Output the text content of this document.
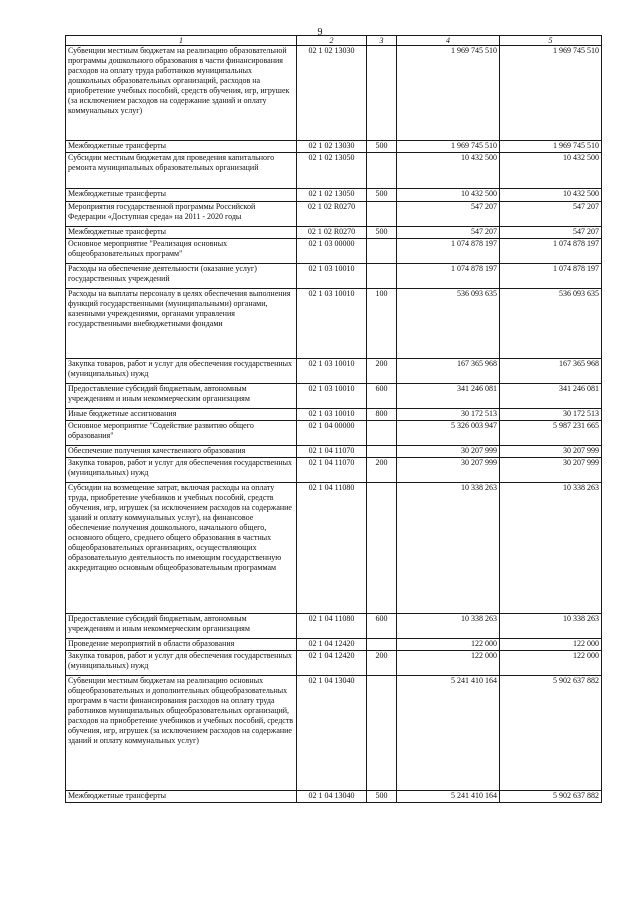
9
1	2	3	4	5
Субвенции местным бюджетам на реализацию образовательной программы дошкольного образования в части финансирования расходов на оплату труда работников муниципальных дошкольных образовательных организаций, расходов на приобретение учебных пособий, средств обучения, игр, игрушек (за исключением расходов на содержание зданий и оплату коммунальных услуг)	02 1 02 13030		1 969 745 510	1 969 745 510
Межбюджетные трансферты	02 1 02 13030	500	1 969 745 510	1 969 745 510
Субсидии местным бюджетам для проведения капитального ремонта муниципальных образовательных организаций	02 1 02 13050		10 432 500	10 432 500
Межбюджетные трансферты	02 1 02 13050	500	10 432 500	10 432 500
Мероприятия государственной программы Российской Федерации «Доступная среда» на 2011 - 2020 годы	02 1 02 R0270		547 207	547 207
Межбюджетные трансферты	02 1 02 R0270	500	547 207	547 207
Основное мероприятие "Реализация основных общеобразовательных программ"	02 1 03 00000		1 074 878 197	1 074 878 197
Расходы на обеспечение деятельности (оказание услуг) государственных учреждений	02 1 03 10010		1 074 878 197	1 074 878 197
Расходы на выплаты персоналу в целях обеспечения выполнения функций государственными (муниципальными) органами, казенными учреждениями, органами управления государственными внебюджетными фондами	02 1 03 10010	100	536 093 635	536 093 635
Закупка товаров, работ и услуг для обеспечения государственных (муниципальных) нужд	02 1 03 10010	200	167 365 968	167 365 968
Предоставление субсидий бюджетным, автономным учреждениям и иным некоммерческим организациям	02 1 03 10010	600	341 246 081	341 246 081
Иные бюджетные ассигнования	02 1 03 10010	800	30 172 513	30 172 513
Основное мероприятие "Содействие развитию общего образования"	02 1 04 00000		5 326 003 947	5 987 231 665
Обеспечение получения качественного образования	02 1 04 11070		30 207 999	30 207 999
Закупка товаров, работ и услуг для обеспечения государственных (муниципальных) нужд	02 1 04 11070	200	30 207 999	30 207 999
Субсидии на возмещение затрат, включая расходы на оплату труда, приобретение учебников и учебных пособий, средств обучения, игр, игрушек (за исключением расходов на содержание зданий и оплату коммунальных услуг), на финансовое обеспечение получения дошкольного, начального общего, основного общего, среднего общего образования в частных общеобразовательных организациях, осуществляющих образовательную деятельность по имеющим государственную аккредитацию основным общеобразовательным программам	02 1 04 11080		10 338 263	10 338 263
Предоставление субсидий бюджетным, автономным учреждениям и иным некоммерческим организациям	02 1 04 11080	600	10 338 263	10 338 263
Проведение мероприятий в области образования	02 1 04 12420		122 000	122 000
Закупка товаров, работ и услуг для обеспечения государственных (муниципальных) нужд	02 1 04 12420	200	122 000	122 000
Субвенции местным бюджетам на реализацию основных общеобразовательных и дополнительных общеобразовательных программ в части финансирования расходов на оплату труда работников муниципальных общеобразовательных организаций, расходов на приобретение учебников и учебных пособий, средств обучения, игр, игрушек (за исключением расходов на содержание зданий и оплату коммунальных услуг)	02 1 04 13040		5 241 410 164	5 902 637 882
Межбюджетные трансферты	02 1 04 13040	500	5 241 410 164	5 902 637 882
